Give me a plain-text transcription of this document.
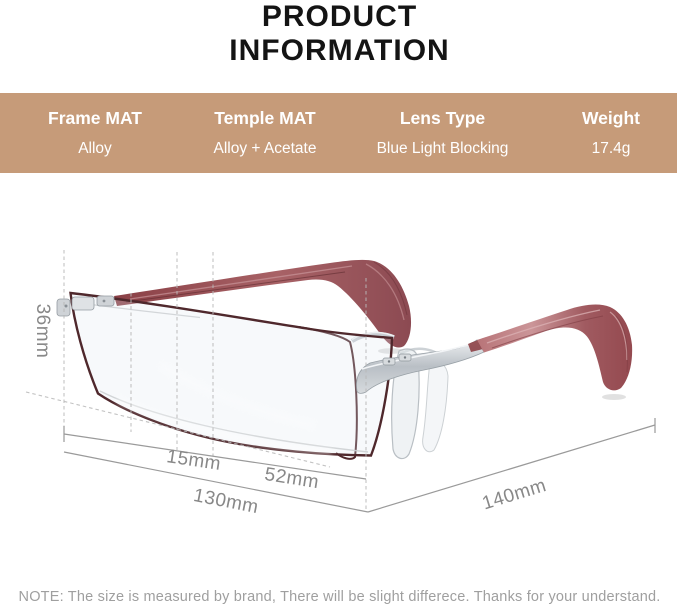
PRODUCT
INFORMATION
Frame MAT
Alloy
Temple MAT
Alloy + Acetate
Lens Type
Blue Light Blocking
Weight
17.4g
36mm
15mm
52mm
130mm	140mm
NOTE: The size is measured by brand, There will be slight differece. Thanks for your understand.
